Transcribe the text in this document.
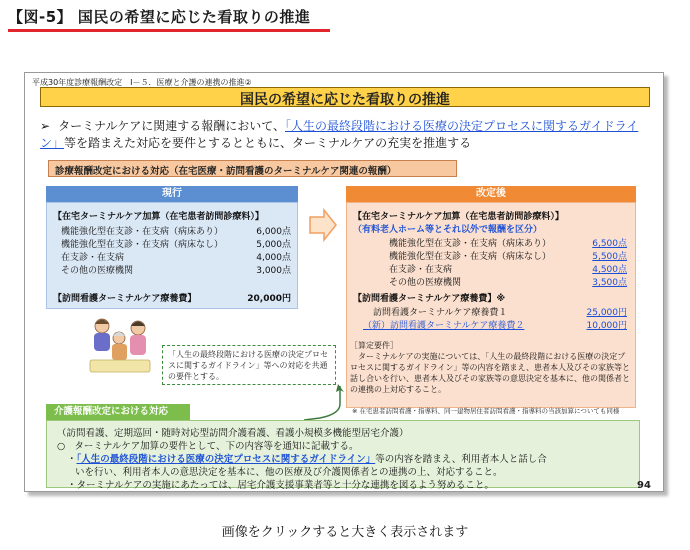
【図-5】 国民の希望に応じた看取りの推進
平成30年度診療報酬改定　Ⅰ－５．医療と介護の連携の推進②
国民の希望に応じた看取りの推進
➢ ターミナルケアに関連する報酬において、「人生の最終段階における医療の決定プロセスに関するガイドライン」等を踏まえた対応を要件とするとともに、ターミナルケアの充実を推進する
診療報酬改定における対応（在宅医療・訪問看護のターミナルケア関連の報酬）
現行
【在宅ターミナルケア加算（在宅患者訪問診療料）】
機能強化型在支診・在支病（病床あり）	6,000点
機能強化型在支診・在支病（病床なし）	5,000点
在支診・在支病	4,000点
その他の医療機関	3,000点
【訪問看護ターミナルケア療養費】	20,000円
改定後
【在宅ターミナルケア加算（在宅患者訪問診療料）】
（有料老人ホーム等とそれ以外で報酬を区分）
機能強化型在支診・在支病（病床あり）	6,500点
機能強化型在支診・在支病（病床なし）	5,500点
在支診・在支病	4,500点
その他の医療機関	3,500点
【訪問看護ターミナルケア療養費】※
訪問看護ターミナルケア療養費１	25,000円
（新）訪問看護ターミナルケア療養費２	10,000円
「人生の最終段階における医療の決定プロセスに関するガイドライン」等への対応を共通の要件とする。
［算定要件］
ターミナルケアの実施については、「人生の最終段階における医療の決定プロセスに関するガイドライン」等の内容を踏まえ、患者本人及びその家族等と話し合いを行い、患者本人及びその家族等の意思決定を基本に、他の関係者との連携の上対応すること。
※ 在宅患者訪問看護・指導料、同一建物居住者訪問看護・指導料の当該加算についても同様
介護報酬改定における対応
（訪問看護、定期巡回・随時対応型訪問介護看護、看護小規模多機能型居宅介護）
○ ターミナルケア加算の要件として、下の内容等を通知に記載する。
・「人生の最終段階における医療の決定プロセスに関するガイドライン」等の内容を踏まえ、利用者本人と話し合
いを行い、利用者本人の意思決定を基本に、他の医療及び介護関係者との連携の上、対応すること。
・ターミナルケアの実施にあたっては、居宅介護支援事業者等と十分な連携を図るよう努めること。	94
画像をクリックすると大きく表示されます
